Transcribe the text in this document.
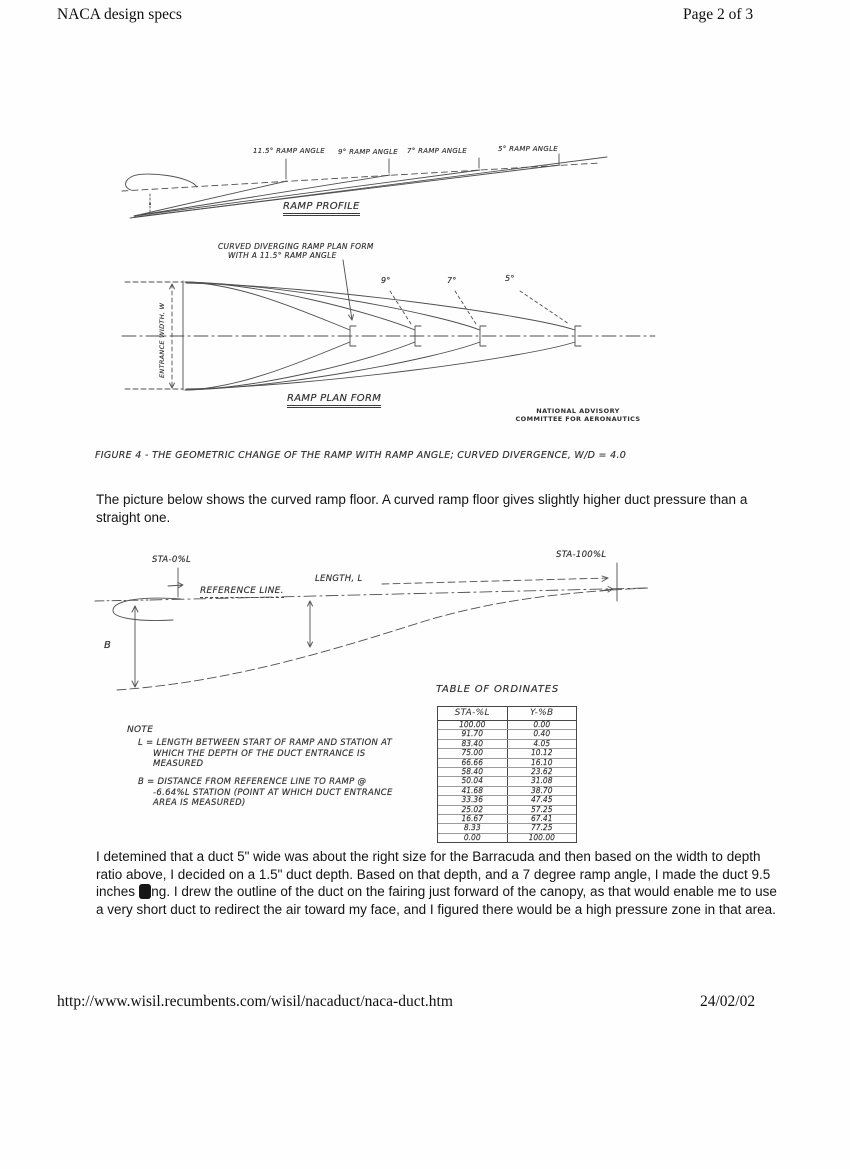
NACA design specs	Page 2 of 3
11.5° RAMP ANGLE 9° RAMP ANGLE 7° RAMP ANGLE	5° RAMP ANGLE
RAMP PROFILE
CURVED DIVERGING RAMP PLAN FORM
WITH A 11.5° RAMP ANGLE
ENTRANCE WIDTH, W
9°	7°	5°
RAMP PLAN FORM
NATIONAL ADVISORY
COMMITTEE FOR AERONAUTICS
FIGURE 4 - THE GEOMETRIC CHANGE OF THE RAMP WITH RAMP ANGLE; CURVED DIVERGENCE, W/D = 4.0
The picture below shows the curved ramp floor. A curved ramp floor gives slightly higher duct pressure than a straight one.
STA-0%L	STA-100%L
REFERENCE LINE.
LENGTH, L
B
NOTE
L = LENGTH BETWEEN START OF RAMP AND STATION AT WHICH THE DEPTH OF THE DUCT ENTRANCE IS MEASURED
B = DISTANCE FROM REFERENCE LINE TO RAMP @ -6.64%L STATION (POINT AT WHICH DUCT ENTRANCE AREA IS MEASURED)
TABLE OF ORDINATES
STA-%L	Y-%B
100.00	0.00
91.70	0.40
83.40	4.05
75.00	10.12
66.66	16.10
58.40	23.62
50.04	31.08
41.68	38.70
33.36	47.45
25.02	57.25
16.67	67.41
8.33	77.25
0.00	100.00
I detemined that a duct 5" wide was about the right size for the Barracuda and then based on the width to depth ratio above, I decided on a 1.5" duct depth. Based on that depth, and a 7 degree ramp angle, I made the duct 9.5 inches long. I drew the outline of the duct on the fairing just forward of the canopy, as that would enable me to use a very short duct to redirect the air toward my face, and I figured there would be a high pressure zone in that area.
http://www.wisil.recumbents.com/wisil/nacaduct/naca-duct.htm	24/02/02
